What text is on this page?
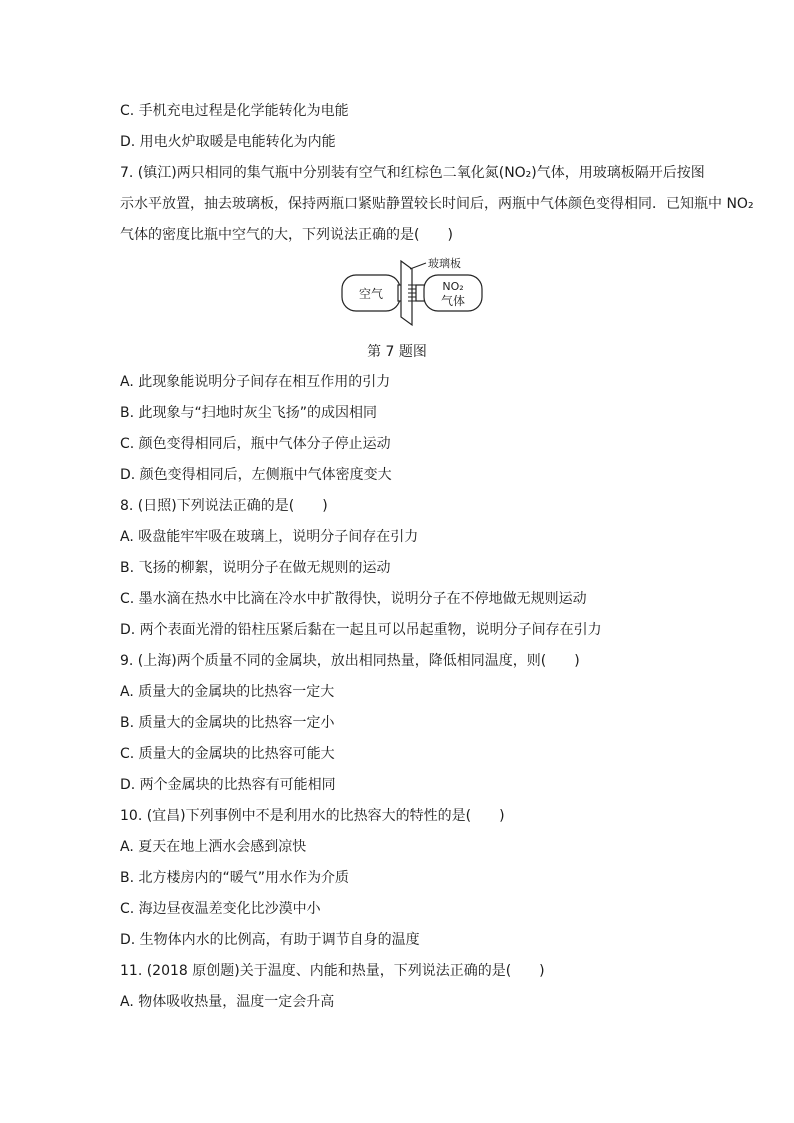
C. 手机充电过程是化学能转化为电能
D. 用电火炉取暖是电能转化为内能
7. (镇江)两只相同的集气瓶中分别装有空气和红棕色二氧化氮(NO₂)气体，用玻璃板隔开后按图
示水平放置，抽去玻璃板，保持两瓶口紧贴静置较长时间后，两瓶中气体颜色变得相同．已知瓶中 NO₂
气体的密度比瓶中空气的大，下列说法正确的是(　　)
空气
NO₂
气体
玻璃板
第 7 题图
A. 此现象能说明分子间存在相互作用的引力
B. 此现象与“扫地时灰尘飞扬”的成因相同
C. 颜色变得相同后，瓶中气体分子停止运动
D. 颜色变得相同后，左侧瓶中气体密度变大
8. (日照)下列说法正确的是(　　)
A. 吸盘能牢牢吸在玻璃上，说明分子间存在引力
B. 飞扬的柳絮，说明分子在做无规则的运动
C. 墨水滴在热水中比滴在冷水中扩散得快，说明分子在不停地做无规则运动
D. 两个表面光滑的铅柱压紧后黏在一起且可以吊起重物，说明分子间存在引力
9. (上海)两个质量不同的金属块，放出相同热量，降低相同温度，则(　　)
A. 质量大的金属块的比热容一定大
B. 质量大的金属块的比热容一定小
C. 质量大的金属块的比热容可能大
D. 两个金属块的比热容有可能相同
10. (宜昌)下列事例中不是利用水的比热容大的特性的是(　　)
A. 夏天在地上洒水会感到凉快
B. 北方楼房内的“暖气”用水作为介质
C. 海边昼夜温差变化比沙漠中小
D. 生物体内水的比例高，有助于调节自身的温度
11. (2018 原创题)关于温度、内能和热量，下列说法正确的是(　　)
A. 物体吸收热量，温度一定会升高
